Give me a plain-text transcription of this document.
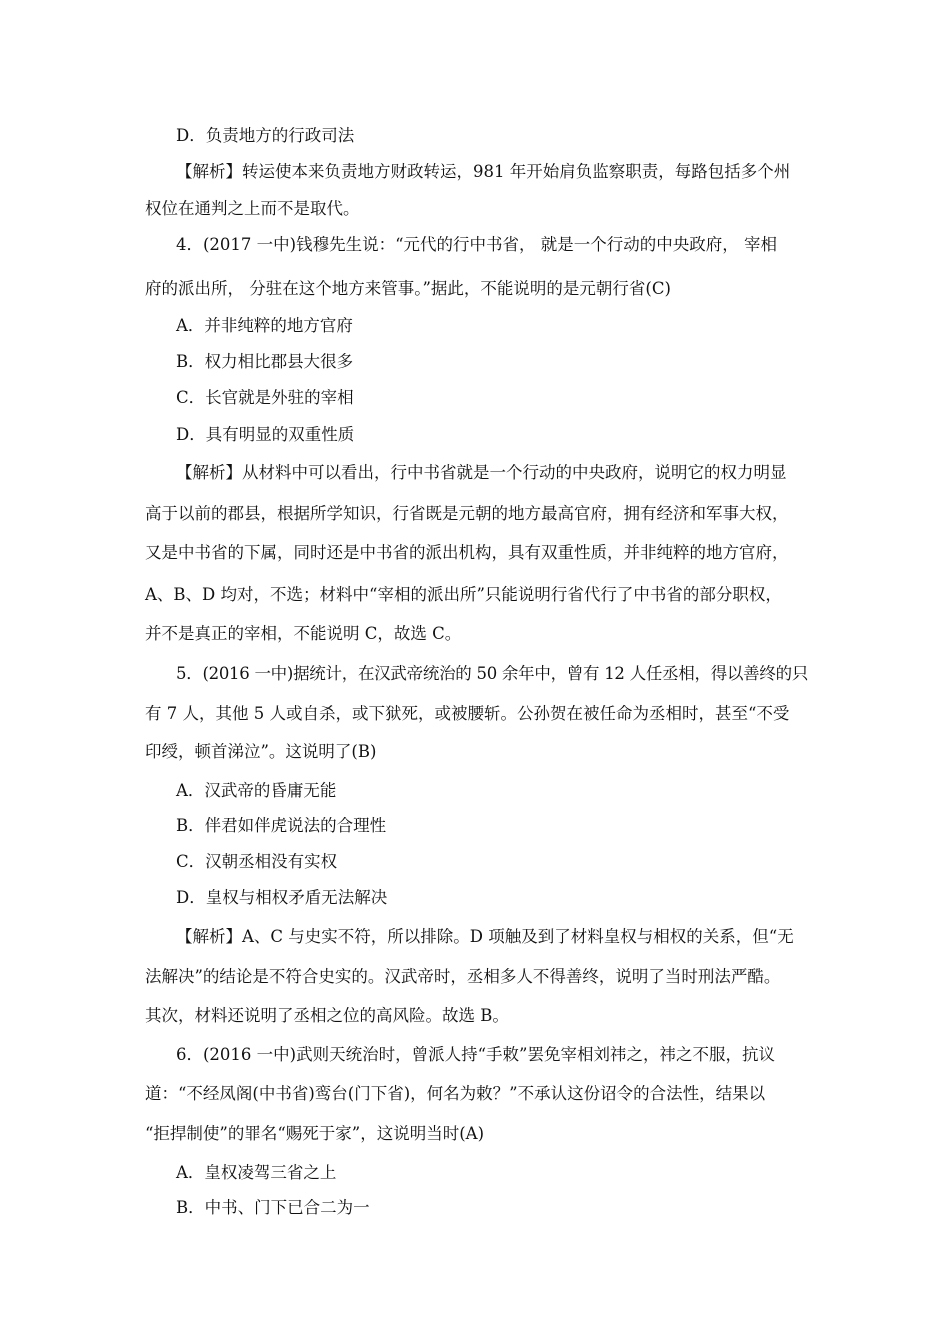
D．负责地方的行政司法
【解析】转运使本来负责地方财政转运，981 年开始肩负监察职责，每路包括多个州
权位在通判之上而不是取代。
4．(2017 一中)钱穆先生说：“元代的行中书省， 就是一个行动的中央政府， 宰相
府的派出所， 分驻在这个地方来管事。”据此，不能说明的是元朝行省(C)
A．并非纯粹的地方官府
B．权力相比郡县大很多
C．长官就是外驻的宰相
D．具有明显的双重性质
【解析】从材料中可以看出，行中书省就是一个行动的中央政府，说明它的权力明显
高于以前的郡县，根据所学知识，行省既是元朝的地方最高官府，拥有经济和军事大权，
又是中书省的下属，同时还是中书省的派出机构，具有双重性质，并非纯粹的地方官府，
A、B、D 均对，不选；材料中“宰相的派出所”只能说明行省代行了中书省的部分职权，
并不是真正的宰相，不能说明 C，故选 C。
5．(2016 一中)据统计，在汉武帝统治的 50 余年中，曾有 12 人任丞相，得以善终的只
有 7 人，其他 5 人或自杀，或下狱死，或被腰斩。公孙贺在被任命为丞相时，甚至“不受
印绶，顿首涕泣”。这说明了(B)
A．汉武帝的昏庸无能
B．伴君如伴虎说法的合理性
C．汉朝丞相没有实权
D．皇权与相权矛盾无法解决
【解析】A、C 与史实不符，所以排除。D 项触及到了材料皇权与相权的关系，但“无
法解决”的结论是不符合史实的。汉武帝时，丞相多人不得善终，说明了当时刑法严酷。
其次，材料还说明了丞相之位的高风险。故选 B。
6．(2016 一中)武则天统治时，曾派人持“手敕”罢免宰相刘祎之，祎之不服，抗议
道：“不经凤阁(中书省)鸾台(门下省)，何名为敕？”不承认这份诏令的合法性，结果以
“拒捍制使”的罪名“赐死于家”，这说明当时(A)
A．皇权凌驾三省之上
B．中书、门下已合二为一
